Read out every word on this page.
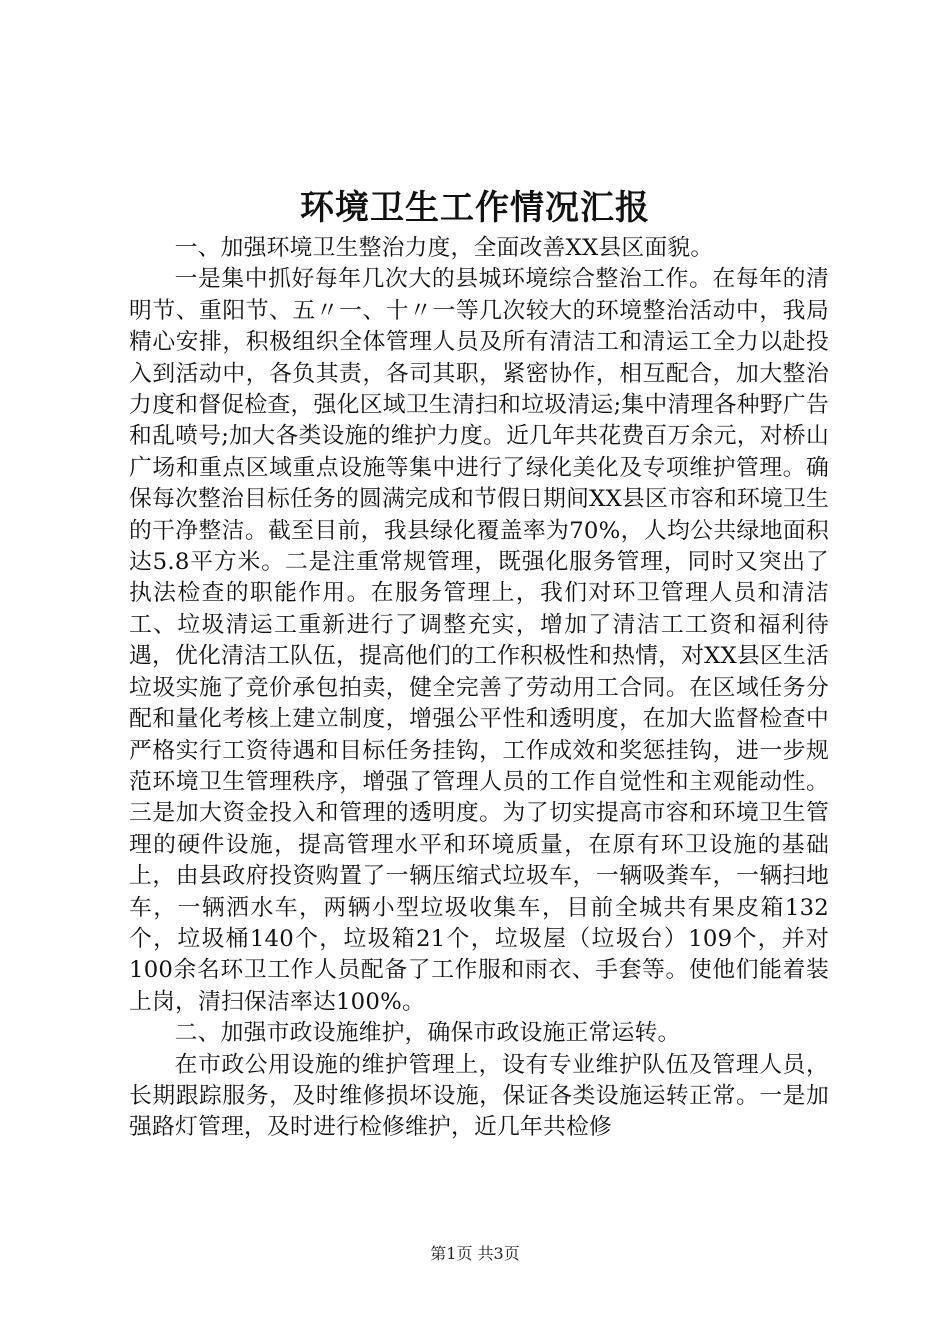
环境卫生工作情况汇报

一、加强环境卫生整治力度，全面改善XX县区面貌。

一是集中抓好每年几次大的县城环境综合整治工作。在每年的清明节、重阳节、五〃一、十〃一等几次较大的环境整治活动中，我局精心安排，积极组织全体管理人员及所有清洁工和清运工全力以赴投入到活动中，各负其责，各司其职，紧密协作，相互配合，加大整治力度和督促检查，强化区域卫生清扫和垃圾清运;集中清理各种野广告和乱喷号;加大各类设施的维护力度。近几年共花费百万余元，对桥山广场和重点区域重点设施等集中进行了绿化美化及专项维护管理。确保每次整治目标任务的圆满完成和节假日期间XX县区市容和环境卫生的干净整洁。截至目前，我县绿化覆盖率为70%，人均公共绿地面积达5.8平方米。二是注重常规管理，既强化服务管理，同时又突出了执法检查的职能作用。在服务管理上，我们对环卫管理人员和清洁工、垃圾清运工重新进行了调整充实，增加了清洁工工资和福利待遇，优化清洁工队伍，提高他们的工作积极性和热情，对XX县区生活垃圾实施了竞价承包拍卖，健全完善了劳动用工合同。在区域任务分配和量化考核上建立制度，增强公平性和透明度，在加大监督检查中严格实行工资待遇和目标任务挂钩，工作成效和奖惩挂钩，进一步规范环境卫生管理秩序，增强了管理人员的工作自觉性和主观能动性。三是加大资金投入和管理的透明度。为了切实提高市容和环境卫生管理的硬件设施，提高管理水平和环境质量，在原有环卫设施的基础上，由县政府投资购置了一辆压缩式垃圾车，一辆吸粪车，一辆扫地车，一辆洒水车，两辆小型垃圾收集车，目前全城共有果皮箱132个，垃圾桶140个，垃圾箱21个，垃圾屋（垃圾台）109个，并对100余名环卫工作人员配备了工作服和雨衣、手套等。使他们能着装上岗，清扫保洁率达100%。

二、加强市政设施维护，确保市政设施正常运转。

在市政公用设施的维护管理上，设有专业维护队伍及管理人员，长期跟踪服务，及时维修损坏设施，保证各类设施运转正常。一是加强路灯管理，及时进行检修维护，近几年共检修

第1页 共3页
